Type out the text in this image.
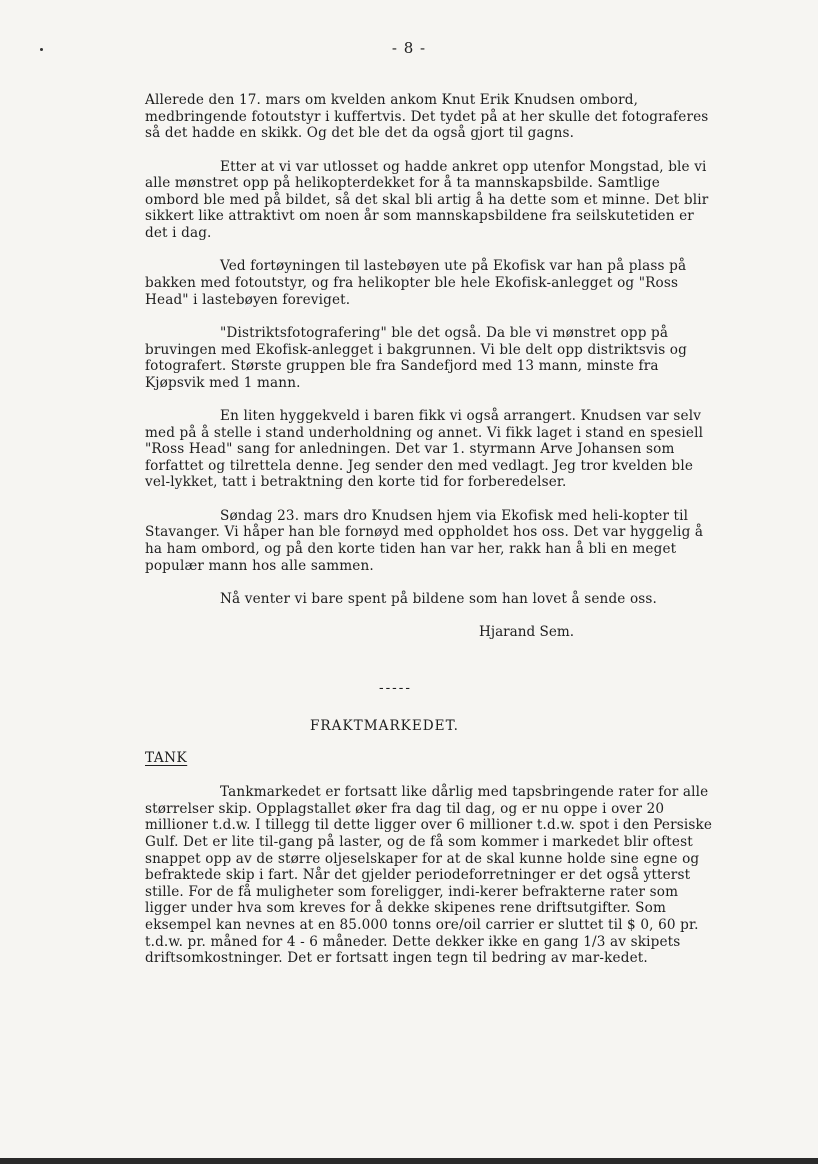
- 8 -

Allerede den 17. mars om kvelden ankom Knut Erik Knudsen ombord, medbringende fotoutstyr i kuffertvis. Det tydet på at her skulle det fotograferes så det hadde en skikk. Og det ble det da også gjort til gagns.

Etter at vi var utlosset og hadde ankret opp utenfor Mongstad, ble vi alle mønstret opp på helikopterdekket for å ta mannskapsbilde. Samtlige ombord ble med på bildet, så det skal bli artig å ha dette som et minne. Det blir sikkert like attraktivt om noen år som mannskapsbildene fra seilskutetiden er det i dag.

Ved fortøyningen til lastebøyen ute på Ekofisk var han på plass på bakken med fotoutstyr, og fra helikopter ble hele Ekofisk-anlegget og "Ross Head" i lastebøyen foreviget.

"Distriktsfotografering" ble det også. Da ble vi mønstret opp på bruvingen med Ekofisk-anlegget i bakgrunnen. Vi ble delt opp distriktsvis og fotografert. Største gruppen ble fra Sandefjord med 13 mann, minste fra Kjøpsvik med 1 mann.

En liten hyggekveld i baren fikk vi også arrangert. Knudsen var selv med på å stelle i stand underholdning og annet. Vi fikk laget i stand en spesiell "Ross Head" sang for anledningen. Det var 1. styrmann Arve Johansen som forfattet og tilrettela denne. Jeg sender den med vedlagt. Jeg tror kvelden ble vel-lykket, tatt i betraktning den korte tid for forberedelser.

Søndag 23. mars dro Knudsen hjem via Ekofisk med heli-kopter til Stavanger. Vi håper han ble fornøyd med oppholdet hos oss. Det var hyggelig å ha ham ombord, og på den korte tiden han var her, rakk han å bli en meget populær mann hos alle sammen.

Nå venter vi bare spent på bildene som han lovet å sende oss.

Hjarand Sem.
-----
FRAKTMARKEDET.
TANK

Tankmarkedet er fortsatt like dårlig med tapsbringende rater for alle størrelser skip. Opplagstallet øker fra dag til dag, og er nu oppe i over 20 millioner t.d.w. I tillegg til dette ligger over 6 millioner t.d.w. spot i den Persiske Gulf. Det er lite til-gang på laster, og de få som kommer i markedet blir oftest snappet opp av de større oljeselskaper for at de skal kunne holde sine egne og befraktede skip i fart. Når det gjelder periodeforretninger er det også ytterst stille. For de få muligheter som foreligger, indi-kerer befrakterne rater som ligger under hva som kreves for å dekke skipenes rene driftsutgifter. Som eksempel kan nevnes at en 85.000 tonns ore/oil carrier er sluttet til $ 0, 60 pr. t.d.w. pr. måned for 4 - 6 måneder. Dette dekker ikke en gang 1/3 av skipets driftsomkostninger. Det er fortsatt ingen tegn til bedring av mar-kedet.
